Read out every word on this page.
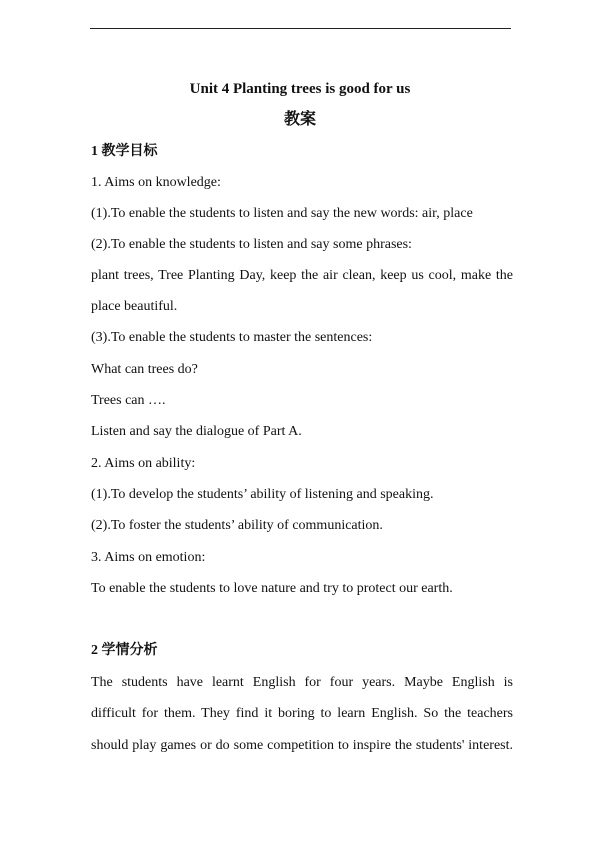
Unit 4 Planting trees is good for us
教案
1 教学目标
1. Aims on knowledge:
(1).To enable the students to listen and say the new words: air, place
(2).To enable the students to listen and say some phrases:
plant trees, Tree Planting Day, keep the air clean, keep us cool, make the
place beautiful.
(3).To enable the students to master the sentences:
What can trees do?
Trees can ….
Listen and say the dialogue of Part A.
2. Aims on ability:
(1).To develop the students’ ability of listening and speaking.
(2).To foster the students’ ability of communication.
3. Aims on emotion:
To enable the students to love nature and try to protect our earth.
2 学情分析
The students have learnt English for four years. Maybe English is
difficult for them. They find it boring to learn English. So the teachers
should play games or do some competition to inspire the students' interest.
